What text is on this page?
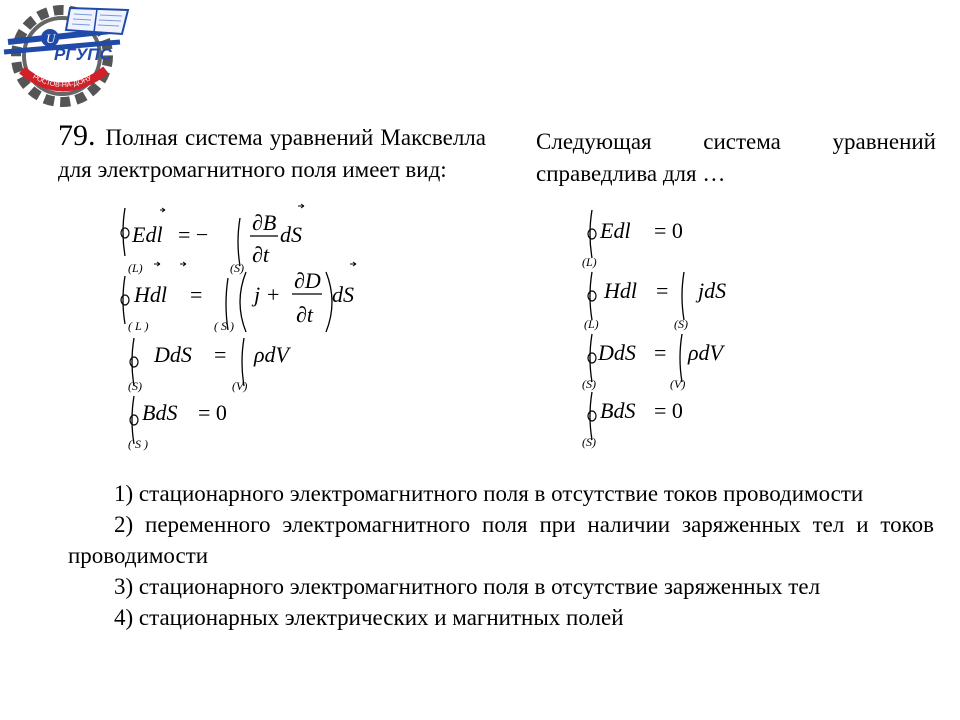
U
РГУПС
РОСТОВ-НА-ДОНУ
79. Полная система уравнений Максвелла для электромагнитного поля имеет вид:
Следующая система уравнений справедлива для …
Edl = − ∂B
∂t
dS
(L)	(S)
Hdl = j +
∂D
∂t
dS
( L )	( S )
DdS = ρdV
(S)	(V)
BdS = 0
( S )
Edl = 0
(L)
Hdl = jdS
(L)	(S)
DdS = ρdV
(S)	(V)
BdS = 0
(S)

1) стационарного электромагнитного поля в отсутствие токов проводимости

2) переменного электромагнитного поля при наличии заряженных тел и токов проводимости

3) стационарного электромагнитного поля в отсутствие заряженных тел

4) стационарных электрических и магнитных полей
